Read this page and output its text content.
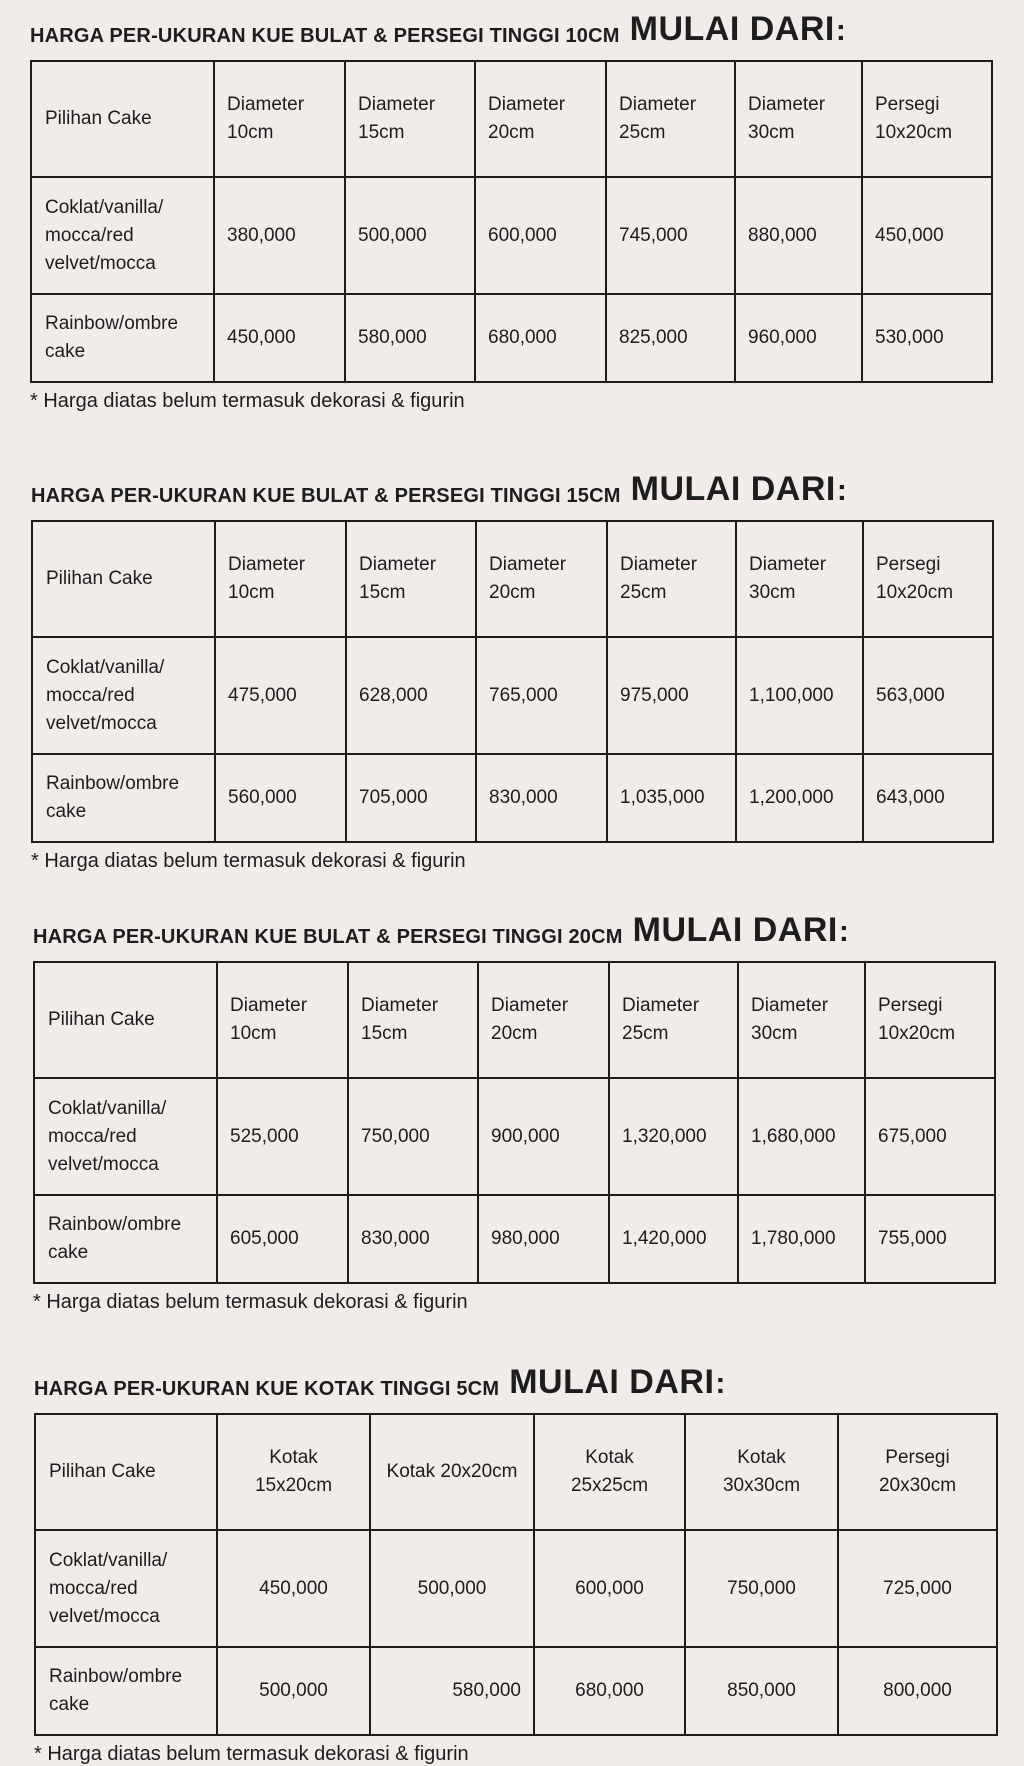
HARGA PER-UKURAN KUE BULAT & PERSEGI TINGGI 10CM MULAI DARI :
Pilihan Cake	Diameter 10cm	Diameter 15cm	Diameter 20cm	Diameter 25cm	Diameter 30cm	Persegi 10x20cm
Coklat/vanilla/ mocca/red velvet/mocca	380,000	500,000	600,000	745,000	880,000	450,000
Rainbow/ombre cake	450,000	580,000	680,000	825,000	960,000	530,000
* Harga diatas belum termasuk dekorasi & figurin
HARGA PER-UKURAN KUE BULAT & PERSEGI TINGGI 15CM MULAI DARI :
Pilihan Cake	Diameter 10cm	Diameter 15cm	Diameter 20cm	Diameter 25cm	Diameter 30cm	Persegi 10x20cm
Coklat/vanilla/ mocca/red velvet/mocca	475,000	628,000	765,000	975,000	1,100,000	563,000
Rainbow/ombre cake	560,000	705,000	830,000	1,035,000	1,200,000	643,000
* Harga diatas belum termasuk dekorasi & figurin
HARGA PER-UKURAN KUE BULAT & PERSEGI TINGGI 20CM MULAI DARI :
Pilihan Cake	Diameter 10cm	Diameter 15cm	Diameter 20cm	Diameter 25cm	Diameter 30cm	Persegi 10x20cm
Coklat/vanilla/ mocca/red velvet/mocca	525,000	750,000	900,000	1,320,000	1,680,000	675,000
Rainbow/ombre cake	605,000	830,000	980,000	1,420,000	1,780,000	755,000
* Harga diatas belum termasuk dekorasi & figurin
HARGA PER-UKURAN KUE KOTAK TINGGI 5CM MULAI DARI :
Pilihan Cake	Kotak 15x20cm	Kotak 20x20cm	Kotak 25x25cm	Kotak 30x30cm	Persegi 20x30cm
Coklat/vanilla/ mocca/red velvet/mocca	450,000	500,000	600,000	750,000	725,000
Rainbow/ombre cake	500,000	580,000	680,000	850,000	800,000
* Harga diatas belum termasuk dekorasi & figurin
